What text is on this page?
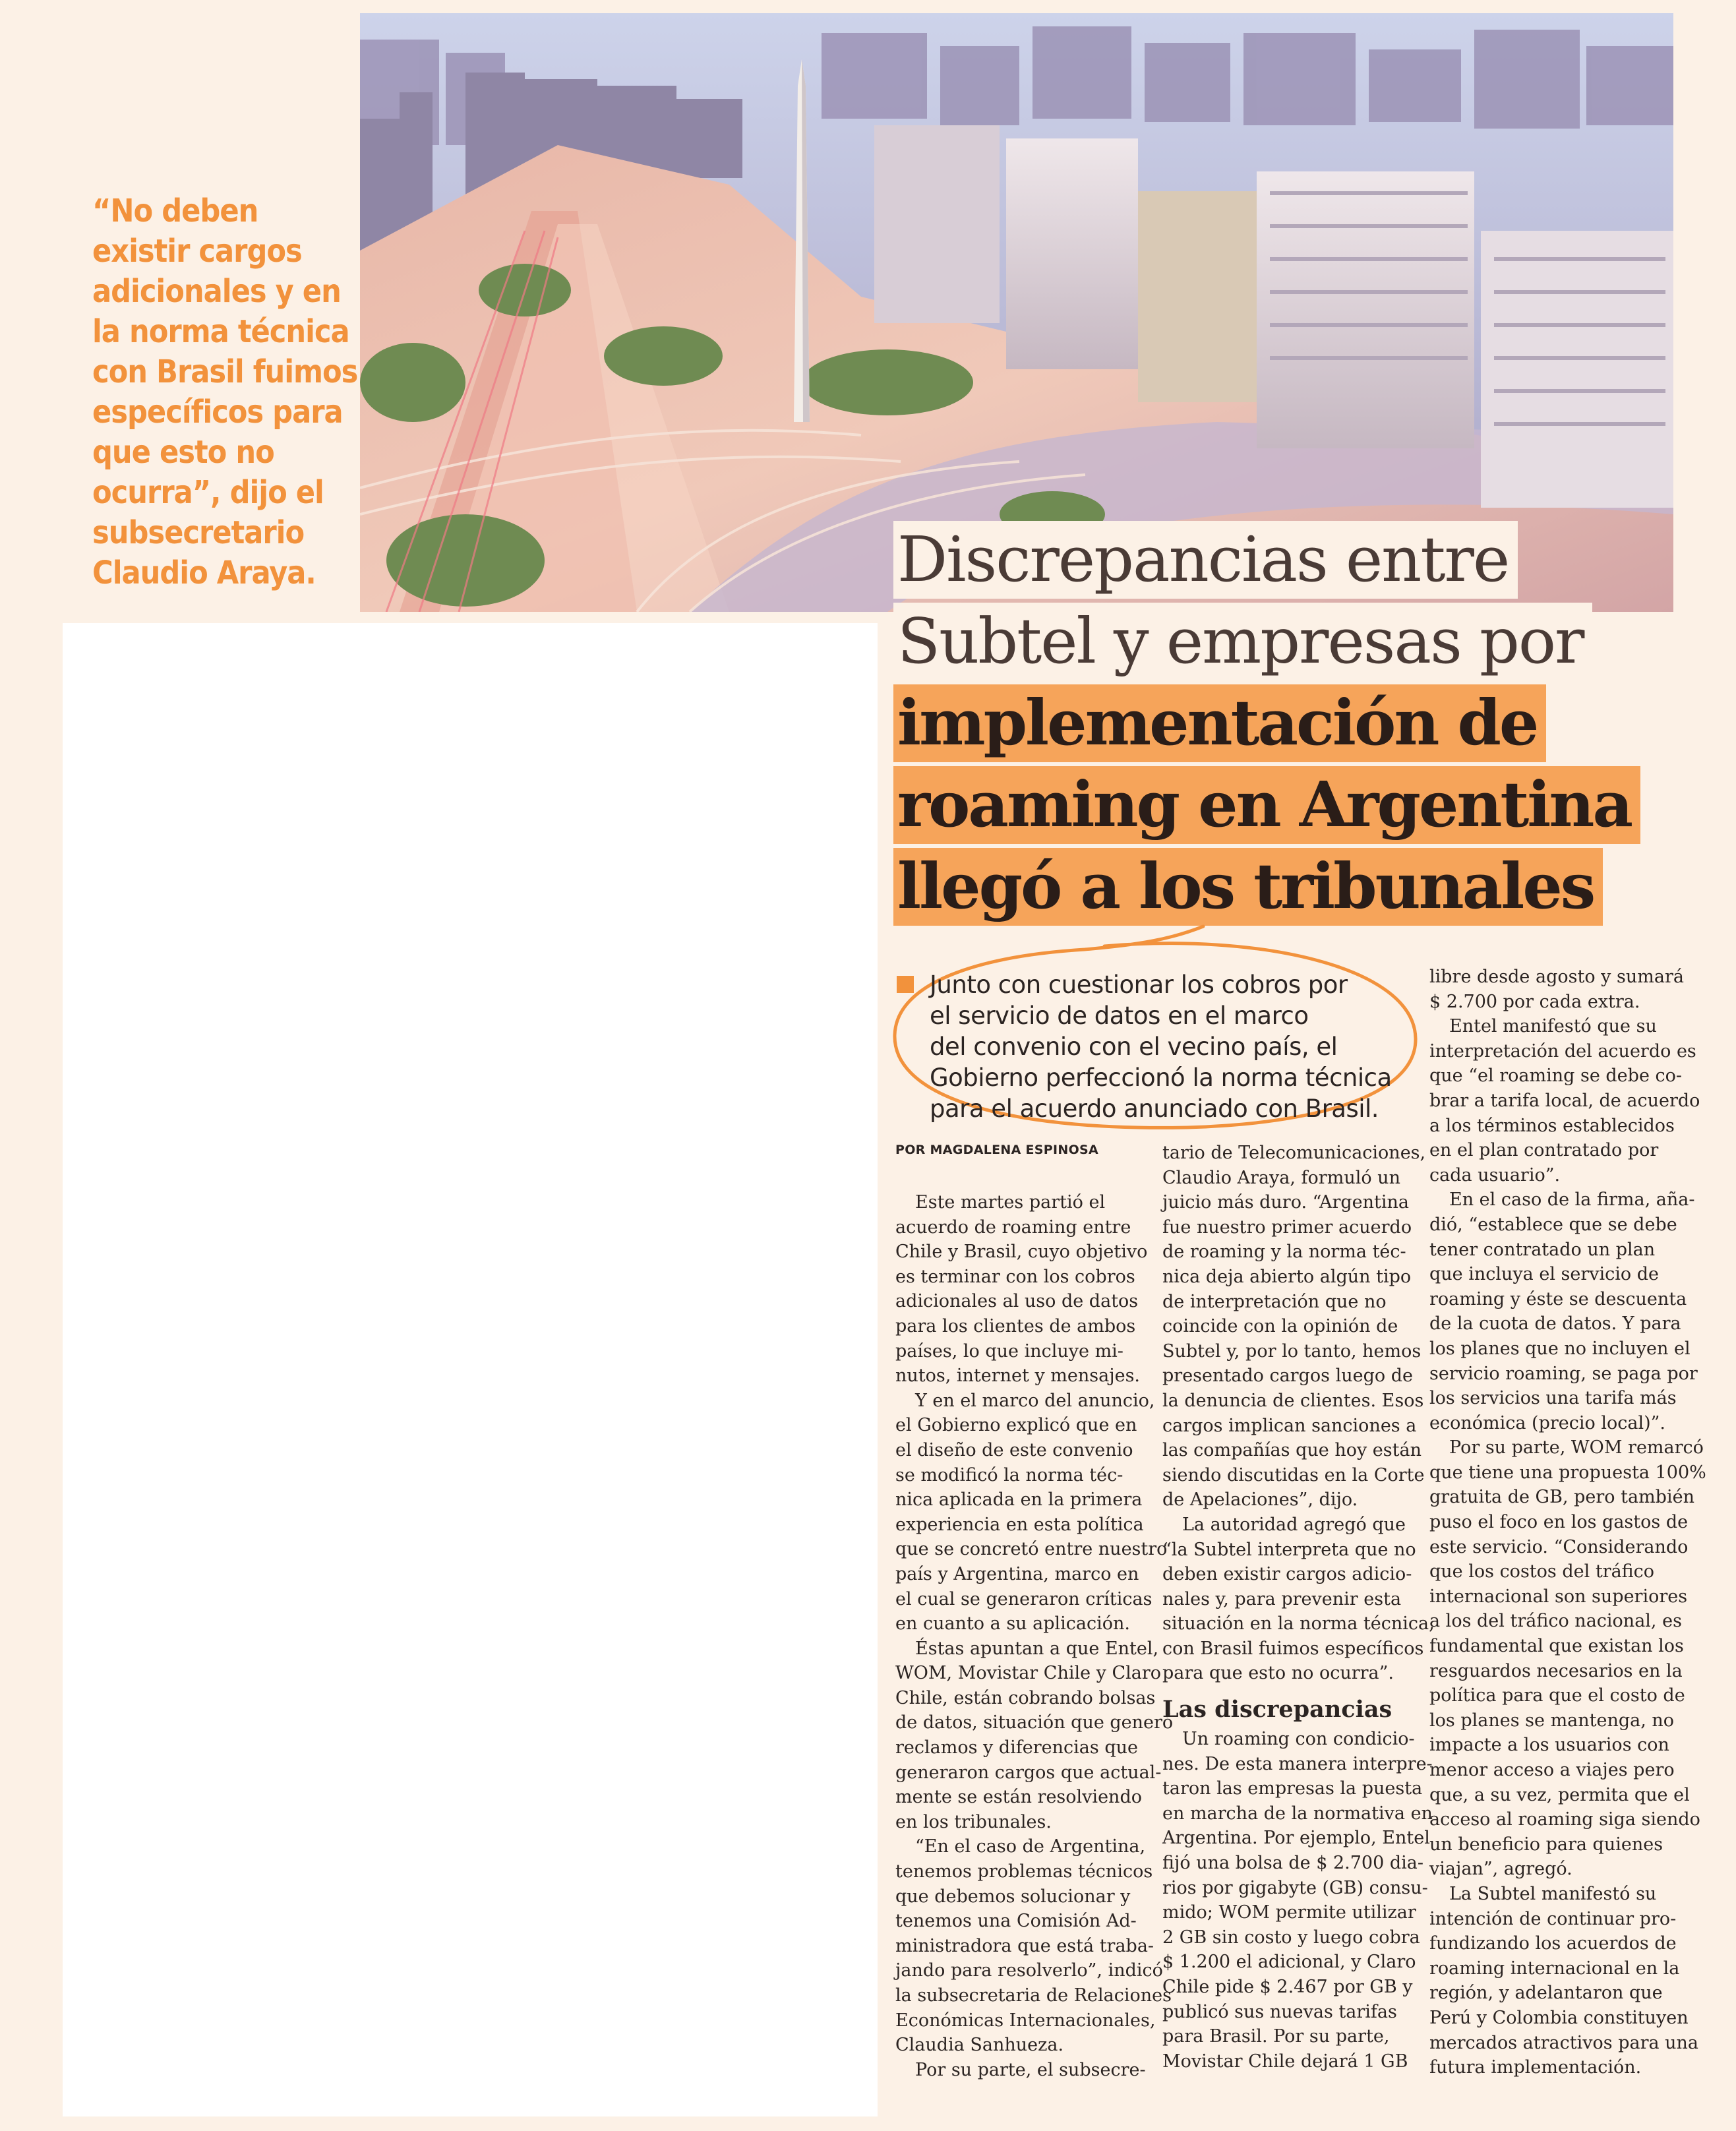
“No deben
existir cargos
adicionales y en
la norma técnica
con Brasil fuimos
específicos para
que esto no
ocurra”, dijo el
subsecretario
Claudio Araya.	Discrepancias entre
Subtel y empresas por
implementación de
roaming en Argentina
llegó a los tribunales
Junto con cuestionar los cobros por
el servicio de datos en el marco
del convenio con el vecino país, el
Gobierno perfeccionó la norma técnica
para el acuerdo anunciado con Brasil.
POR MAGDALENA ESPINOSA

Este martes partió el

acuerdo de roaming entre

Chile y Brasil, cuyo objetivo

es terminar con los cobros

adicionales al uso de datos

para los clientes de ambos

países, lo que incluye mi-

nutos, internet y mensajes.

Y en el marco del anuncio,

el Gobierno explicó que en

el diseño de este convenio

se modificó la norma téc-

nica aplicada en la primera

experiencia en esta política

que se concretó entre nuestro

país y Argentina, marco en

el cual se generaron críticas

en cuanto a su aplicación.

Éstas apuntan a que Entel,

WOM, Movistar Chile y Claro

Chile, están cobrando bolsas

de datos, situación que generó

reclamos y diferencias que

generaron cargos que actual-

mente se están resolviendo

en los tribunales.

“En el caso de Argentina,

tenemos problemas técnicos

que debemos solucionar y

tenemos una Comisión Ad-

ministradora que está traba-

jando para resolverlo”, indicó

la subsecretaria de Relaciones

Económicas Internacionales,

Claudia Sanhueza.

Por su parte, el subsecre-

tario de Telecomunicaciones,

Claudio Araya, formuló un

juicio más duro. “Argentina

fue nuestro primer acuerdo

de roaming y la norma téc-

nica deja abierto algún tipo

de interpretación que no

coincide con la opinión de

Subtel y, por lo tanto, hemos

presentado cargos luego de

la denuncia de clientes. Esos

cargos implican sanciones a

las compañías que hoy están

siendo discutidas en la Corte

de Apelaciones”, dijo.

La autoridad agregó que

“la Subtel interpreta que no

deben existir cargos adicio-

nales y, para prevenir esta

situación en la norma técnica,

con Brasil fuimos específicos

para que esto no ocurra”.

Las discrepancias

Un roaming con condicio-

nes. De esta manera interpre-

taron las empresas la puesta

en marcha de la normativa en

Argentina. Por ejemplo, Entel

fijó una bolsa de $ 2.700 dia-

rios por gigabyte (GB) consu-

mido; WOM permite utilizar

2 GB sin costo y luego cobra

$ 1.200 el adicional, y Claro

Chile pide $ 2.467 por GB y

publicó sus nuevas tarifas

para Brasil. Por su parte,

Movistar Chile dejará 1 GB

libre desde agosto y sumará

$ 2.700 por cada extra.

Entel manifestó que su

interpretación del acuerdo es

que “el roaming se debe co-

brar a tarifa local, de acuerdo

a los términos establecidos

en el plan contratado por

cada usuario”.

En el caso de la firma, aña-

dió, “establece que se debe

tener contratado un plan

que incluya el servicio de

roaming y éste se descuenta

de la cuota de datos. Y para

los planes que no incluyen el

servicio roaming, se paga por

los servicios una tarifa más

económica (precio local)”.

Por su parte, WOM remarcó

que tiene una propuesta 100%

gratuita de GB, pero también

puso el foco en los gastos de

este servicio. “Considerando

que los costos del tráfico

internacional son superiores

a los del tráfico nacional, es

fundamental que existan los

resguardos necesarios en la

política para que el costo de

los planes se mantenga, no

impacte a los usuarios con

menor acceso a viajes pero

que, a su vez, permita que el

acceso al roaming siga siendo

un beneficio para quienes

viajan”, agregó.

La Subtel manifestó su

intención de continuar pro-

fundizando los acuerdos de

roaming internacional en la

región, y adelantaron que

Perú y Colombia constituyen

mercados atractivos para una

futura implementación.
